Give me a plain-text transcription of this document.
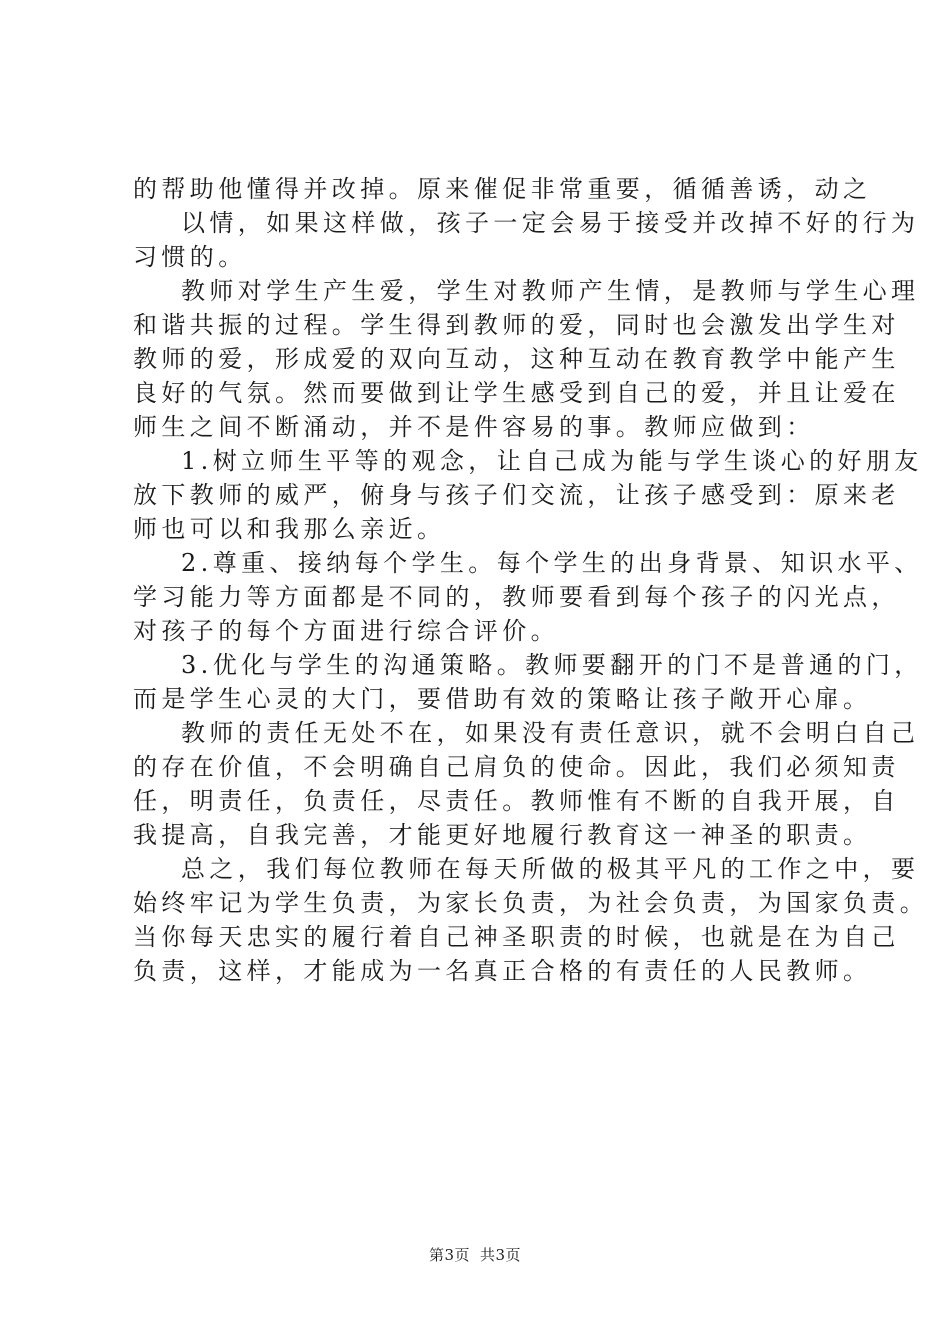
的帮助他懂得并改掉。原来催促非常重要，循循善诱，动之
以情，如果这样做，孩子一定会易于接受并改掉不好的行为
习惯的。
教师对学生产生爱，学生对教师产生情，是教师与学生心理
和谐共振的过程。学生得到教师的爱，同时也会激发出学生对
教师的爱，形成爱的双向互动，这种互动在教育教学中能产生
良好的气氛。然而要做到让学生感受到自己的爱，并且让爱在
师生之间不断涌动，并不是件容易的事。教师应做到：
1.树立师生平等的观念，让自己成为能与学生谈心的好朋友
放下教师的威严，俯身与孩子们交流，让孩子感受到：原来老
师也可以和我那么亲近。
2.尊重、接纳每个学生。每个学生的出身背景、知识水平、
学习能力等方面都是不同的，教师要看到每个孩子的闪光点，
对孩子的每个方面进行综合评价。
3.优化与学生的沟通策略。教师要翻开的门不是普通的门，
而是学生心灵的大门，要借助有效的策略让孩子敞开心扉。
教师的责任无处不在，如果没有责任意识，就不会明白自己
的存在价值，不会明确自己肩负的使命。因此，我们必须知责
任，明责任，负责任，尽责任。教师惟有不断的自我开展，自
我提高，自我完善，才能更好地履行教育这一神圣的职责。
总之，我们每位教师在每天所做的极其平凡的工作之中，要
始终牢记为学生负责，为家长负责，为社会负责，为国家负责。
当你每天忠实的履行着自己神圣职责的时候，也就是在为自己
负责，这样，才能成为一名真正合格的有责任的人民教师。
第3页 共3页
